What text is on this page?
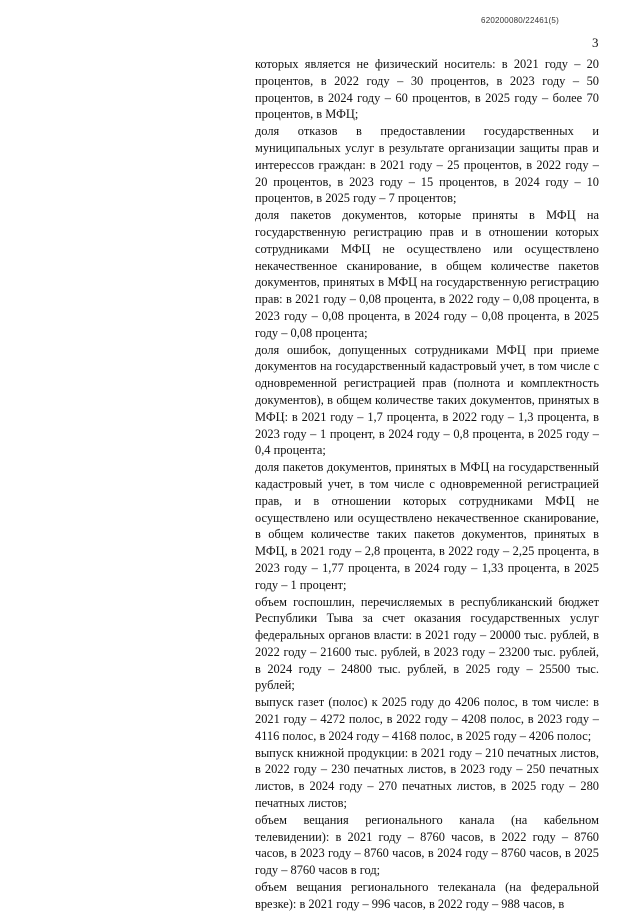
620200080/22461(5)
3

которых является не физический носитель: в 2021 году – 20 процентов, в 2022 году – 30 процентов, в 2023 году – 50 процентов, в 2024 году – 60 процентов, в 2025 году – более 70 процентов, в МФЦ;

доля отказов в предоставлении государственных и муниципальных услуг в результате организации защиты прав и интерессов граждан: в 2021 году – 25 процентов, в 2022 году – 20 процентов, в 2023 году – 15 процентов, в 2024 году – 10 процентов, в 2025 году – 7 процентов;

доля пакетов документов, которые приняты в МФЦ на государственную регистрацию прав и в отношении которых сотрудниками МФЦ не осуществлено или осуществлено некачественное сканирование, в общем количестве пакетов документов, принятых в МФЦ на государственную регистрацию прав: в 2021 году – 0,08 процента, в 2022 году – 0,08 процента, в 2023 году – 0,08 процента, в 2024 году – 0,08 процента, в 2025 году – 0,08 процента;

доля ошибок, допущенных сотрудниками МФЦ при приеме документов на государственный кадастровый учет, в том числе с одновременной регистрацией прав (полнота и комплектность документов), в общем количестве таких документов, принятых в МФЦ: в 2021 году – 1,7 процента, в 2022 году – 1,3 процента, в 2023 году – 1 процент, в 2024 году – 0,8 процента, в 2025 году – 0,4 процента;

доля пакетов документов, принятых в МФЦ на государственный кадастровый учет, в том числе с одновременной регистрацией прав, и в отношении которых сотрудниками МФЦ не осуществлено или осуществлено некачественное сканирование, в общем количестве таких пакетов документов, принятых в МФЦ, в 2021 году – 2,8 процента, в 2022 году – 2,25 процента, в 2023 году – 1,77 процента, в 2024 году – 1,33 процента, в 2025 году – 1 процент;

объем госпошлин, перечисляемых в республиканский бюджет Республики Тыва за счет оказания государственных услуг федеральных органов власти: в 2021 году – 20000 тыс. рублей, в 2022 году – 21600 тыс. рублей, в 2023 году – 23200 тыс. рублей, в 2024 году – 24800 тыс. рублей, в 2025 году – 25500 тыс. рублей;

выпуск газет (полос) к 2025 году до 4206 полос, в том числе: в 2021 году – 4272 полос, в 2022 году – 4208 полос, в 2023 году – 4116 полос, в 2024 году – 4168 полос, в 2025 году – 4206 полос;

выпуск книжной продукции: в 2021 году – 210 печатных листов, в 2022 году – 230 печатных листов, в 2023 году – 250 печатных листов, в 2024 году – 270 печатных листов, в 2025 году – 280 печатных листов;

объем вещания регионального канала (на кабельном телевидении): в 2021 году – 8760 часов, в 2022 году – 8760 часов, в 2023 году – 8760 часов, в 2024 году – 8760 часов, в 2025 году – 8760 часов в год;

объем вещания регионального телеканала (на федеральной врезке): в 2021 году – 996 часов, в 2022 году – 988 часов, в
